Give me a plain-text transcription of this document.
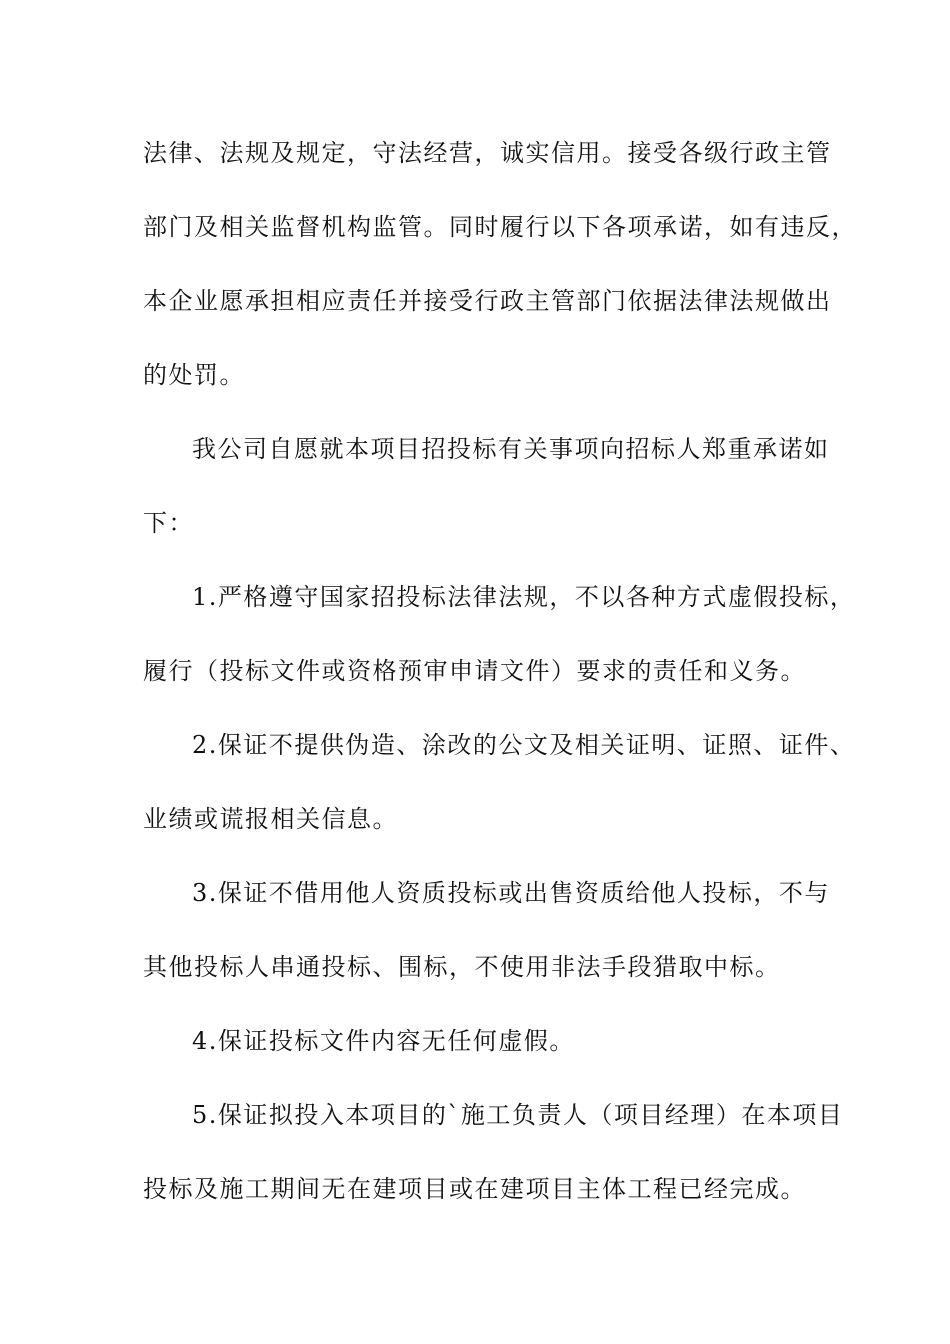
法律、法规及规定，守法经营，诚实信用。接受各级行政主管
部门及相关监督机构监管。同时履行以下各项承诺，如有违反，
本企业愿承担相应责任并接受行政主管部门依据法律法规做出
的处罚。
我公司自愿就本项目招投标有关事项向招标人郑重承诺如
下：
1.严格遵守国家招投标法律法规，不以各种方式虚假投标，
履行（投标文件或资格预审申请文件）要求的责任和义务。
2.保证不提供伪造、涂改的公文及相关证明、证照、证件、
业绩或谎报相关信息。
3.保证不借用他人资质投标或出售资质给他人投标，不与
其他投标人串通投标、围标，不使用非法手段猎取中标。
4.保证投标文件内容无任何虚假。
5.保证拟投入本项目的`施工负责人（项目经理）在本项目
投标及施工期间无在建项目或在建项目主体工程已经完成。
